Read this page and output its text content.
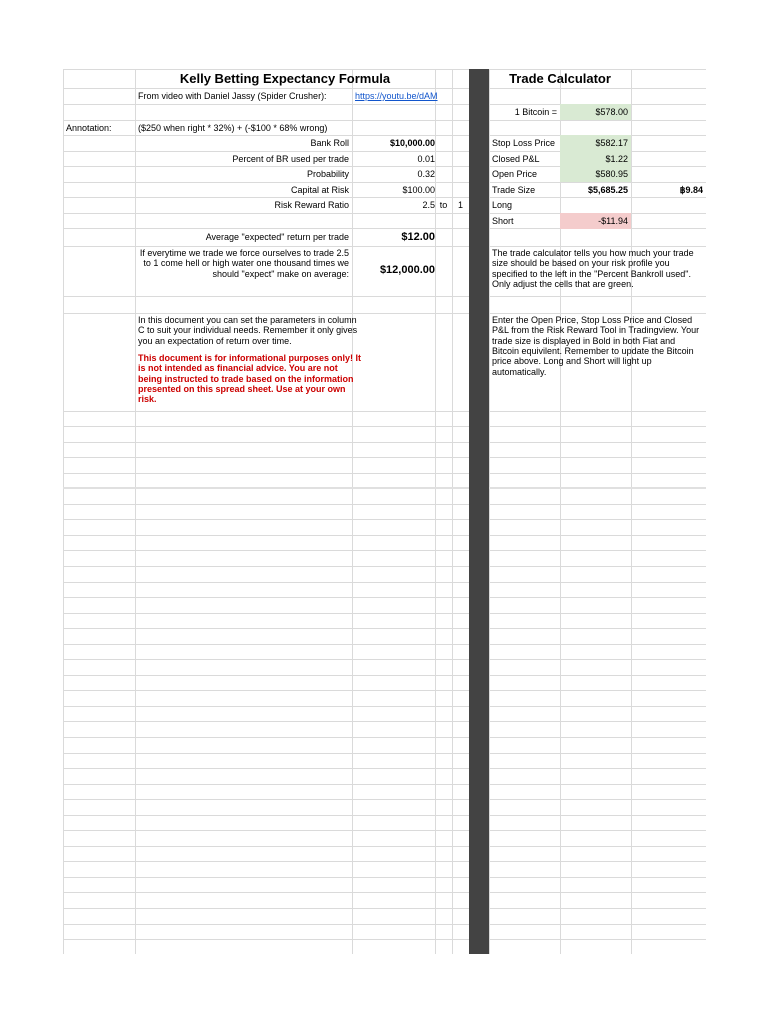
Kelly Betting Expectancy Formula
From video with Daniel Jassy (Spider Crusher):	https://youtu.be/dAM
Annotation:	($250 when right * 32%) + (-$100 * 68% wrong)
Bank Roll	$10,000.00
Percent of BR used per trade	0.01
Probability	0.32
Capital at Risk	$100.00
Risk Reward Ratio	2.5 to	1
Average "expected" return per trade	$12.00
If everytime we trade we force ourselves to trade 2.5 to 1 come hell or high water one thousand times we should "expect" make on average:	$12,000.00
In this document you can set the parameters in column C to suit your individual needs. Remember it only gives you an expectation of return over time.
This document is for informational purposes only! It is not intended as financial advice. You are not being instructed to trade based on the information presented on this spread sheet. Use at your own risk.
Trade Calculator
1 Bitcoin =	$578.00
Stop Loss Price	$582.17
Closed P&L	$1.22
Open Price	$580.95
Trade Size	$5,685.25	฿9.84
Long
Short	-$11.94
The trade calculator tells you how much your trade size should be based on your risk profile you specified to the left in the "Percent Bankroll used". Only adjust the cells that are green.
Enter the Open Price, Stop Loss Price and Closed P&L from the Risk Reward Tool in Tradingview. Your trade size is displayed in Bold in both Fiat and Bitcoin equivilent. Remember to update the Bitcoin price above. Long and Short will light up automatically.
